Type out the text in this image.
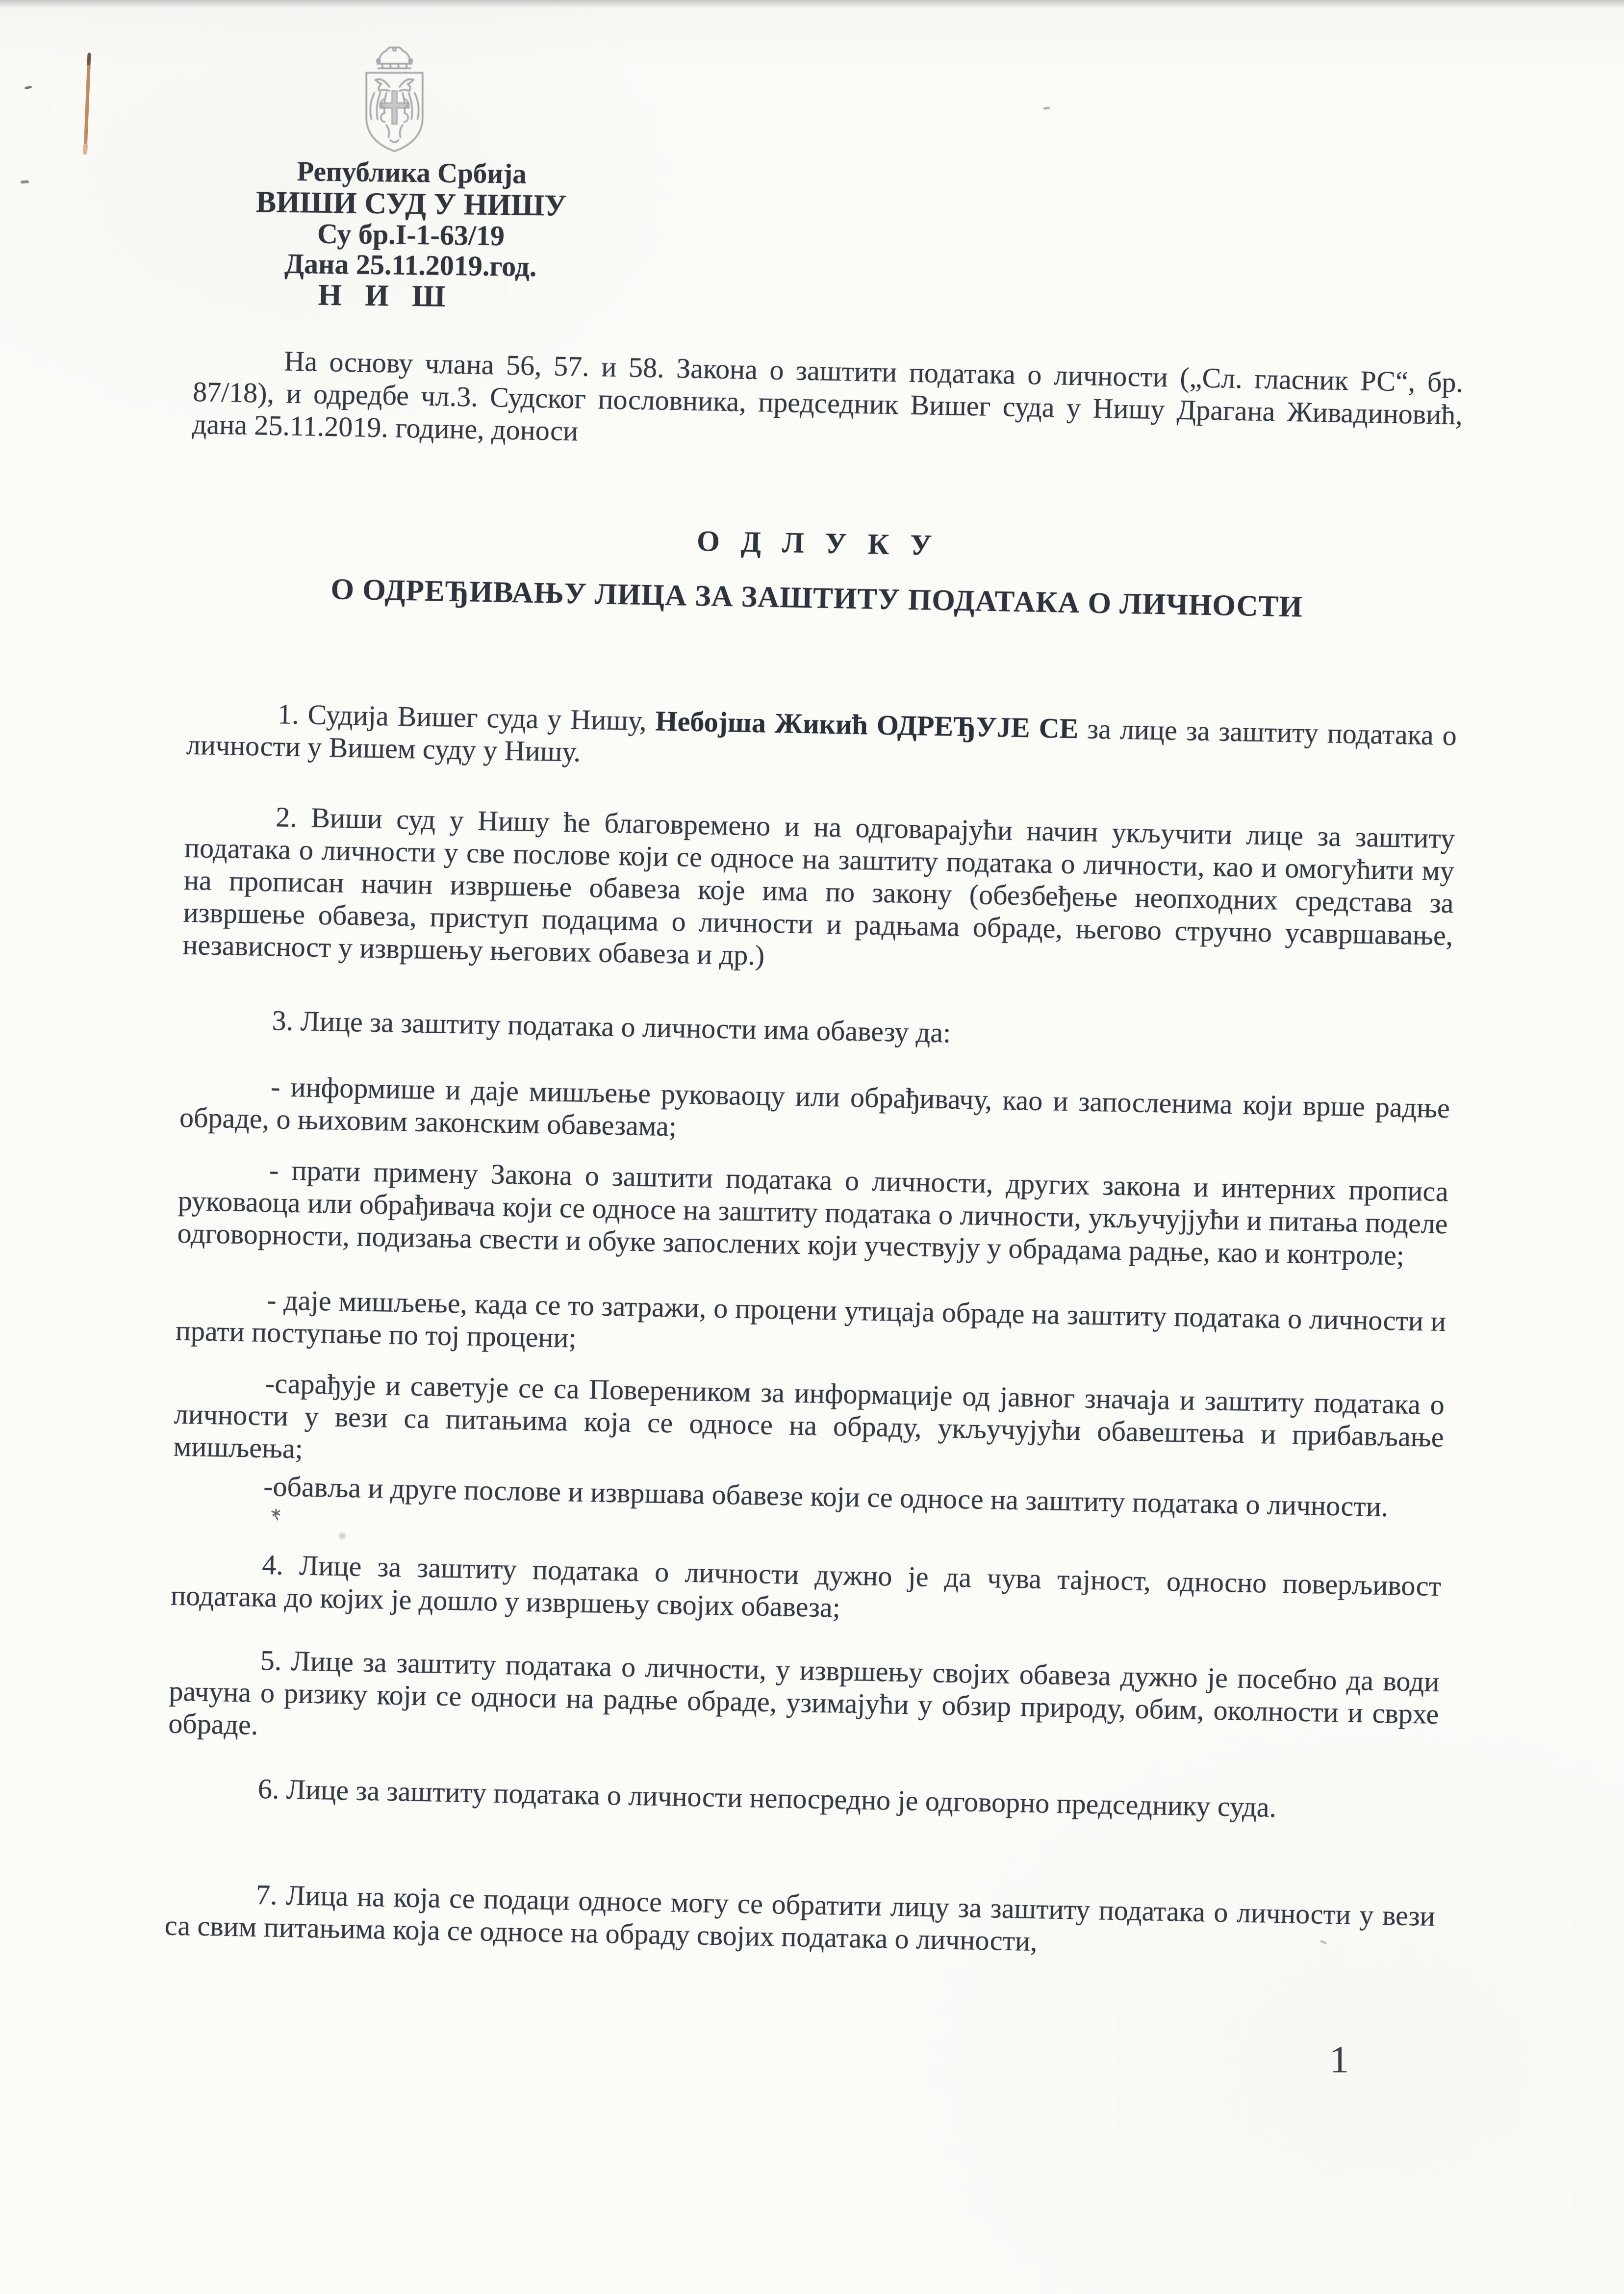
Република Србија
ВИШИ СУД У НИШУ
Су бр.I-1-63/19
Дана 25.11.2019.год.
Н И Ш

На основу члана 56, 57. и 58. Закона о заштити података о личности („Сл. гласник РС“, бр. 87/18), и одредбе чл.3. Судског пословника, председник Вишег суда у Нишу Драгана Живадиновић, дана 25.11.2019. године, доноси

О Д Л У К У
О ОДРЕЂИВАЊУ ЛИЦА ЗА ЗАШТИТУ ПОДАТАКА О ЛИЧНОСТИ

1. Судија Вишег суда у Нишу, Небојша Жикић ОДРЕЂУЈЕ СЕ за лице за заштиту података о личности у Вишем суду у Нишу.

2. Виши суд у Нишу ће благовремено и на одговарајући начин укључити лице за заштиту података о личности у све послове који се односе на заштиту података о личности, као и омогућити му на прописан начин извршење обавеза које има по закону (обезбеђење неопходних средстава за извршење обавеза, приступ подацима о личности и радњама обраде, његово стручно усавршавање, независност у извршењу његових обавеза и др.)

3. Лице за заштиту података о личности има обавезу да:

- информише и даје мишљење руковаоцу или обрађивачу, као и запосленима који врше радње обраде, о њиховим законским обавезама;

- прати примену Закона о заштити података о личности, других закона и интерних прописа руковаоца или обрађивача који се односе на заштиту података о личности, укључујјући и питања поделе одговорности, подизања свести и обуке запослених који учествују у обрадама радње, као и контроле;

- даје мишљење, када се то затражи, о процени утицаја обраде на заштиту података о личности и прати поступање по тој процени;

-сарађује и саветује се са Повереником за информације од јавног значаја и заштиту података о личности у вези са питањима која се односе на обраду, укључујући обавештења и прибављање мишљења;

-обавља и друге послове и извршава обавезе који се односе на заштиту података о личности.

4. Лице за заштиту података о личности дужно је да чува тајност, односно поверљивост података до којих је дошло у извршењу својих обавеза;

5. Лице за заштиту података о личности, у извршењу својих обавеза дужно је посебно да води рачуна о ризику који се односи на радње обраде, узимајући у обзир природу, обим, околности и сврхе обраде.

6. Лице за заштиту података о личности непосредно је одговорно председнику суда.

7. Лица на која се подаци односе могу се обратити лицу за заштиту података о личности у вези са свим питањима која се односе на обраду својих података о личности,

1
